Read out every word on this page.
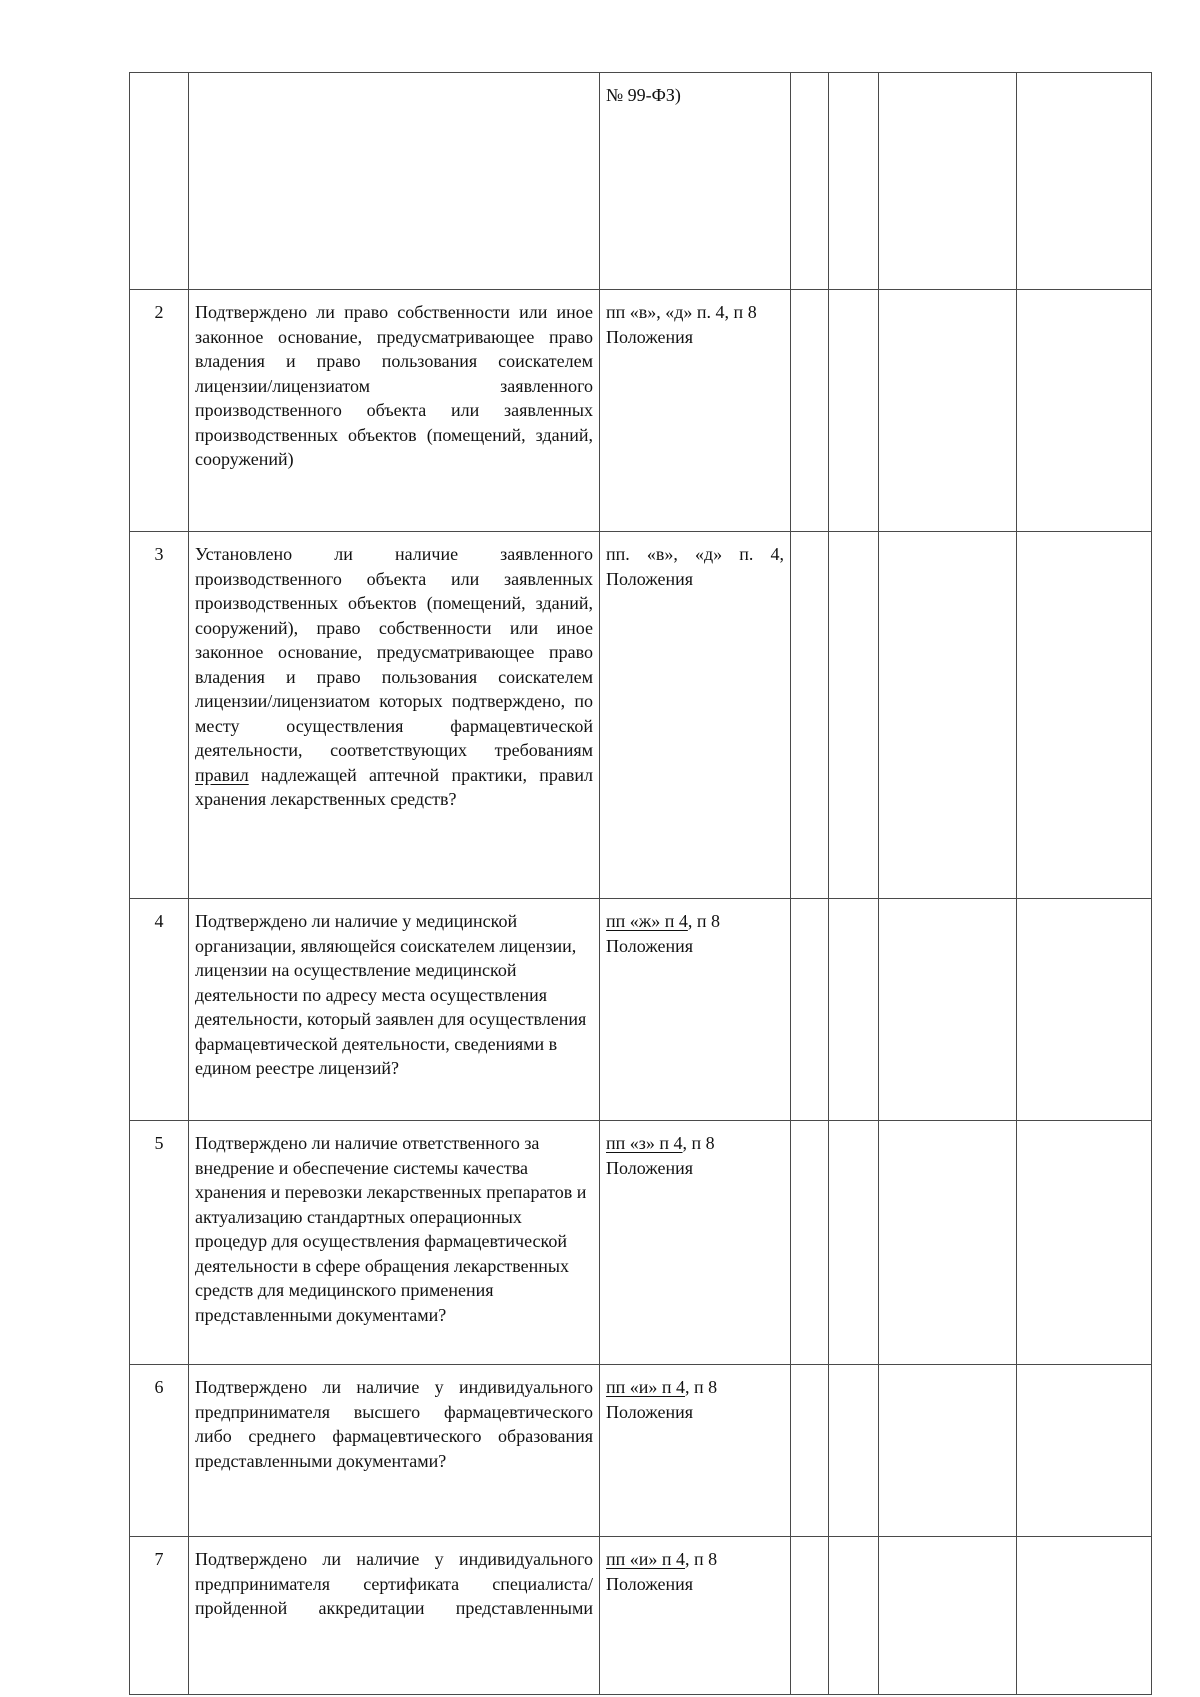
		№ 99-ФЗ)				
2	Подтверждено ли право собственности или иное законное основание, предусматривающее право владения и право пользования соискателем лицензии/лицензиатом заявленного производственного объекта или заявленных производственных объектов (помещений, зданий, сооружений)	пп «в», «д» п. 4, п 8 Положения				
3	Установлено ли наличие заявленного производственного объекта или заявленных производственных объектов (помещений, зданий, сооружений), право собственности или иное законное основание, предусматривающее право владения и право пользования соискателем лицензии/лицензиатом которых подтверждено, по месту осуществления фармацевтической деятельности, соответствующих требованиям правил надлежащей аптечной практики, правил хранения лекарственных средств?	пп. «в», «д» п. 4, Положения				
4	Подтверждено ли наличие у медицинской организации, являющейся соискателем лицензии, лицензии на осуществление медицинской деятельности по адресу места осуществления деятельности, который заявлен для осуществления фармацевтической деятельности, сведениями в едином реестре лицензий?	пп «ж» п 4, п 8 Положения				
5	Подтверждено ли наличие ответственного за внедрение и обеспечение системы качества хранения и перевозки лекарственных препаратов и актуализацию стандартных операционных процедур для осуществления фармацевтической деятельности в сфере обращения лекарственных средств для медицинского применения представленными документами?	пп «з» п 4, п 8 Положения				
6	Подтверждено ли наличие у индивидуального предпринимателя высшего фармацевтического либо среднего фармацевтического образования представленными документами?	пп «и» п 4, п 8 Положения				
7	Подтверждено ли наличие у индивидуального предпринимателя сертификата специалиста/ пройденной аккредитации представленными	пп «и» п 4, п 8 Положения				
